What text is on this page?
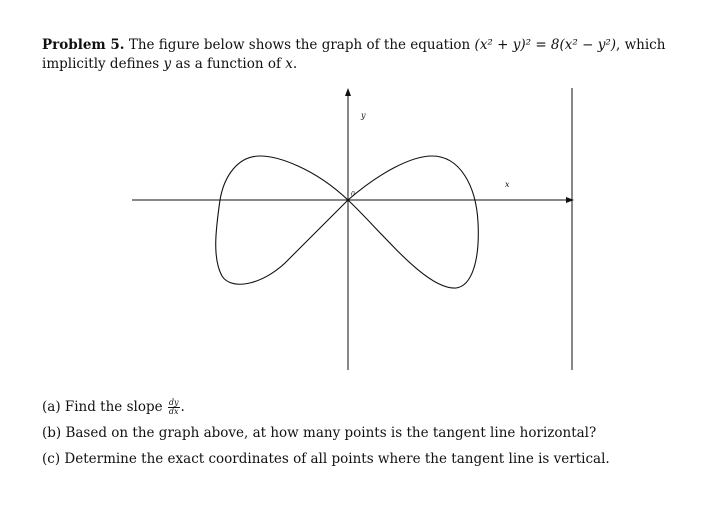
Problem 5. The figure below shows the graph of the equation (x² + y)² = 8(x² − y²), which
implicitly defines y as a function of x.
y
x
0
(a) Find the slope $\frac{dy}{dx}$ .
(b) Based on the graph above, at how many points is the tangent line horizontal?
(c) Determine the exact coordinates of all points where the tangent line is vertical.
